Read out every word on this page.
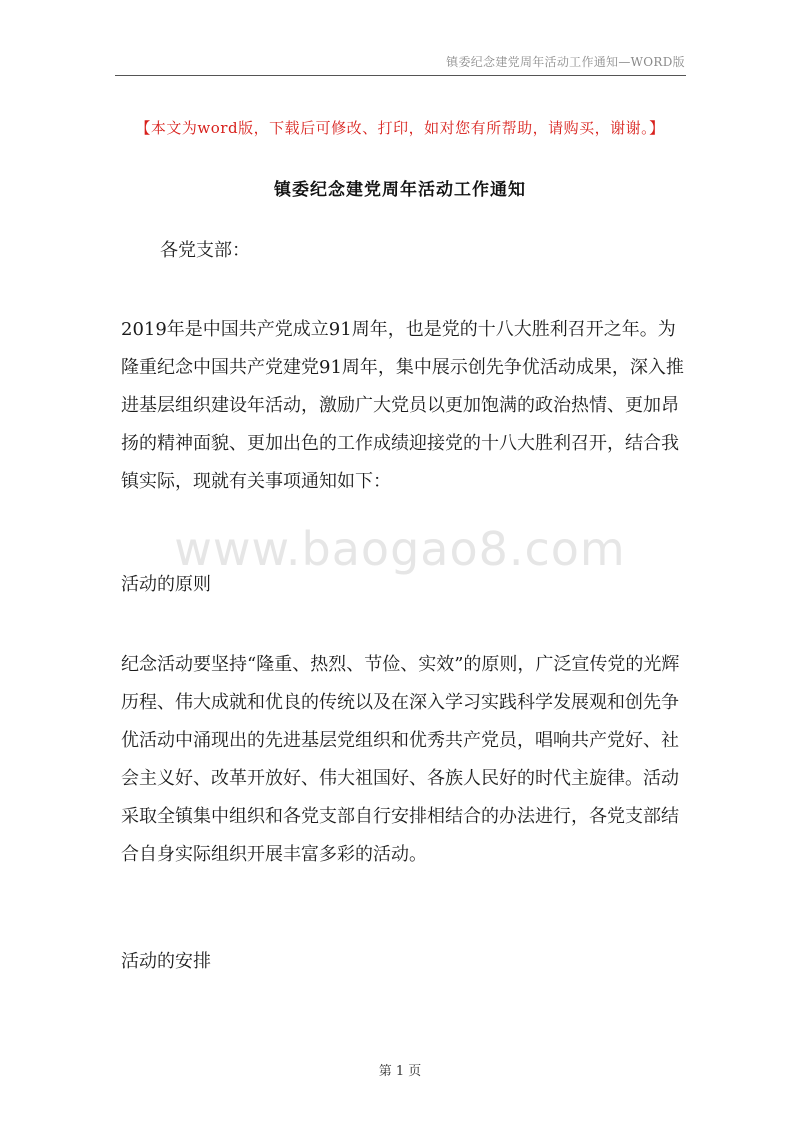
镇委纪念建党周年活动工作通知—WORD版
【本文为word版，下载后可修改、打印，如对您有所帮助，请购买，谢谢。】
镇委纪念建党周年活动工作通知
各党支部：
2019年是中国共产党成立91周年，也是党的十八大胜利召开之年。为隆重纪念中国共产党建党91周年，集中展示创先争优活动成果，深入推进基层组织建设年活动，激励广大党员以更加饱满的政治热情、更加昂扬的精神面貌、更加出色的工作成绩迎接党的十八大胜利召开，结合我镇实际，现就有关事项通知如下：
www.baogao8.com
活动的原则
纪念活动要坚持“隆重、热烈、节俭、实效”的原则，广泛宣传党的光辉历程、伟大成就和优良的传统以及在深入学习实践科学发展观和创先争优活动中涌现出的先进基层党组织和优秀共产党员，唱响共产党好、社会主义好、改革开放好、伟大祖国好、各族人民好的时代主旋律。活动采取全镇集中组织和各党支部自行安排相结合的办法进行，各党支部结合自身实际组织开展丰富多彩的活动。
活动的安排
第 1 页
